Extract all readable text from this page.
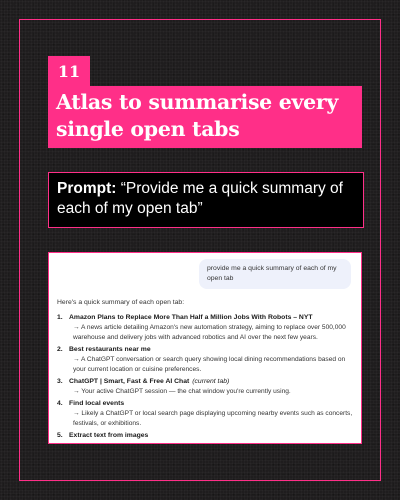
11
Atlas to summarise every single open tabs
Prompt: “Provide me a quick summary of each of my open tab”
provide me a quick summary of each of my open tab
Here's a quick summary of each open tab:
1. Amazon Plans to Replace More Than Half a Million Jobs With Robots – NYT
→ A news article detailing Amazon's new automation strategy, aiming to replace over 500,000 warehouse and delivery jobs with advanced robotics and AI over the next few years.
2. Best restaurants near me
→ A ChatGPT conversation or search query showing local dining recommendations based on your current location or cuisine preferences.
3. ChatGPT | Smart, Fast & Free AI Chat (current tab)
→ Your active ChatGPT session — the chat window you're currently using.
4. Find local events
→ Likely a ChatGPT or local search page displaying upcoming nearby events such as concerts, festivals, or exhibitions.
5. Extract text from images
